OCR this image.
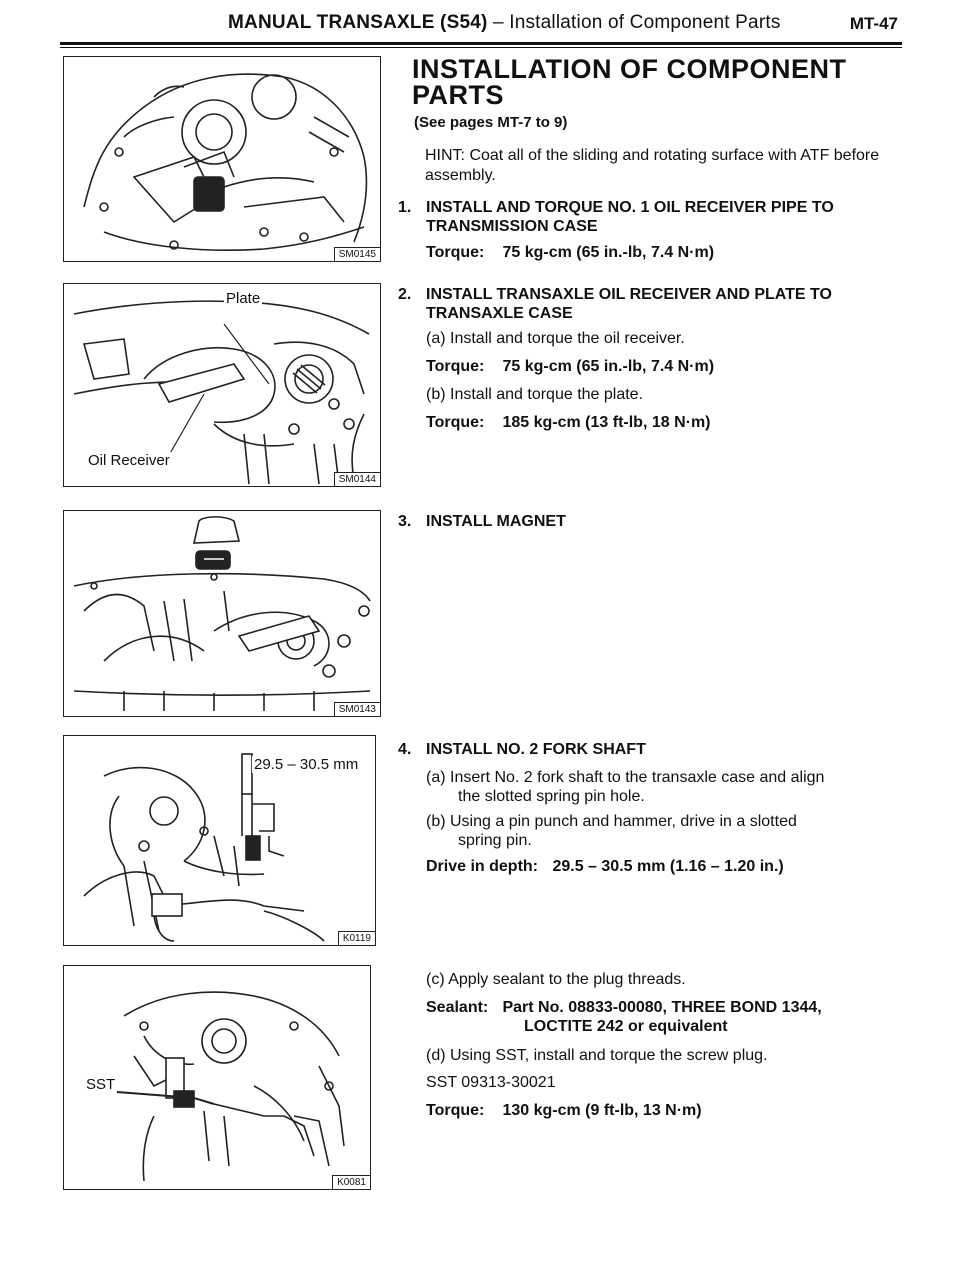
MANUAL TRANSAXLE (S54) – Installation of Component Parts	MT-47
SM0145
Plate
Oil Receiver
SM0144
SM0143
29.5 – 30.5 mm
K0119
SST
K0081
INSTALLATION OF COMPONENT PARTS
(See pages MT-7 to 9)
HINT: Coat all of the sliding and rotating surface with ATF before assembly.
1. INSTALL AND TORQUE NO. 1 OIL RECEIVER PIPE TO TRANSMISSION CASE
Torque: 75 kg-cm (65 in.-lb, 7.4 N·m)
2. INSTALL TRANSAXLE OIL RECEIVER AND PLATE TO TRANSAXLE CASE
(a) Install and torque the oil receiver.
Torque: 75 kg-cm (65 in.-lb, 7.4 N·m)
(b) Install and torque the plate.
Torque: 185 kg-cm (13 ft-lb, 18 N·m)
3. INSTALL MAGNET
4. INSTALL NO. 2 FORK SHAFT
(a) Insert No. 2 fork shaft to the transaxle case and align
the slotted spring pin hole.
(b) Using a pin punch and hammer, drive in a slotted
spring pin.
Drive in depth: 29.5 – 30.5 mm (1.16 – 1.20 in.)
(c) Apply sealant to the plug threads.
Sealant: Part No. 08833-00080, THREE BOND 1344,
LOCTITE 242 or equivalent
(d) Using SST, install and torque the screw plug.
SST 09313-30021
Torque: 130 kg-cm (9 ft-lb, 13 N·m)
